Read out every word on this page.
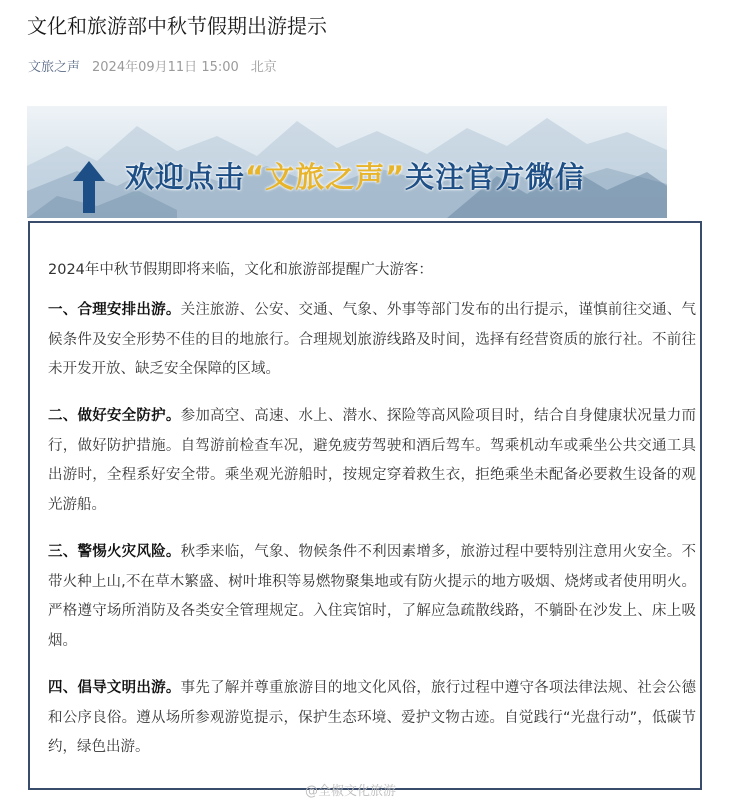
文化和旅游部中秋节假期出游提示
文旅之声 2024年09月11日 15:00 北京
欢迎点击“文旅之声”关注官方微信
2024年中秋节假期即将来临，文化和旅游部提醒广大游客：
一、合理安排出游。关注旅游、公安、交通、气象、外事等部门发布的出行提示，谨慎前往交通、气候条件及安全形势不佳的目的地旅行。合理规划旅游线路及时间，选择有经营资质的旅行社。不前往未开发开放、缺乏安全保障的区域。
二、做好安全防护。参加高空、高速、水上、潜水、探险等高风险项目时，结合自身健康状况量力而行，做好防护措施。自驾游前检查车况，避免疲劳驾驶和酒后驾车。驾乘机动车或乘坐公共交通工具出游时，全程系好安全带。乘坐观光游船时，按规定穿着救生衣，拒绝乘坐未配备必要救生设备的观光游船。
三、警惕火灾风险。秋季来临，气象、物候条件不利因素增多，旅游过程中要特别注意用火安全。不带火种上山,不在草木繁盛、树叶堆积等易燃物聚集地或有防火提示的地方吸烟、烧烤或者使用明火。严格遵守场所消防及各类安全管理规定。入住宾馆时，了解应急疏散线路，不躺卧在沙发上、床上吸烟。
四、倡导文明出游。事先了解并尊重旅游目的地文化风俗，旅行过程中遵守各项法律法规、社会公德和公序良俗。遵从场所参观游览提示，保护生态环境、爱护文物古迹。自觉践行“光盘行动”，低碳节约，绿色出游。
@全椒文化旅游
